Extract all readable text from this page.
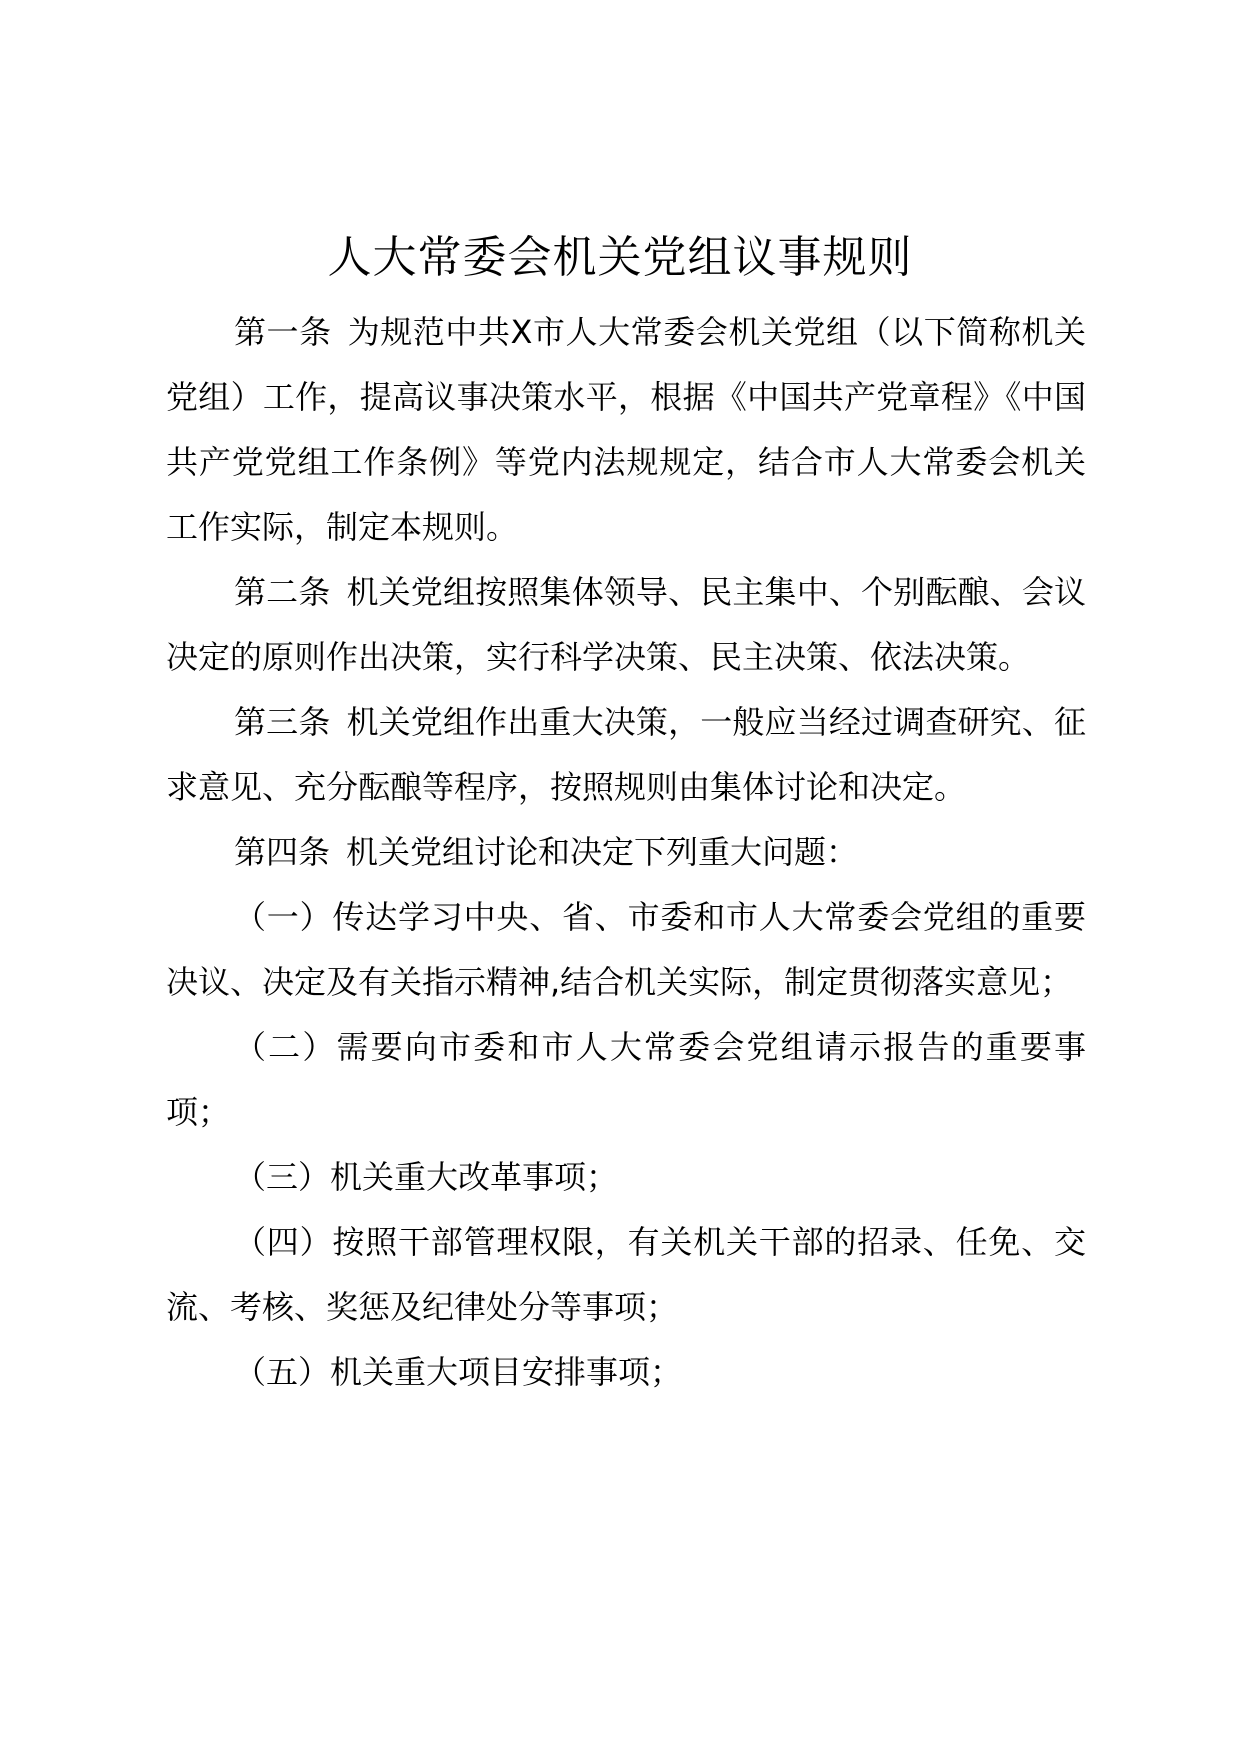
人大常委会机关党组议事规则

第一条 为规范中共X市人大常委会机关党组（以下简称机关党组）工作，提高议事决策水平，根据《中国共产党章程》《中国共产党党组工作条例》等党内法规规定，结合市人大常委会机关工作实际，制定本规则。

第二条 机关党组按照集体领导、民主集中、个别酝酿、会议决定的原则作出决策，实行科学决策、民主决策、依法决策。

第三条 机关党组作出重大决策，一般应当经过调查研究、征求意见、充分酝酿等程序，按照规则由集体讨论和决定。

第四条 机关党组讨论和决定下列重大问题：

（一）传达学习中央、省、市委和市人大常委会党组的重要决议、决定及有关指示精神,结合机关实际，制定贯彻落实意见；

（二）需要向市委和市人大常委会党组请示报告的重要事项；

（三）机关重大改革事项；

（四）按照干部管理权限，有关机关干部的招录、任免、交流、考核、奖惩及纪律处分等事项；

（五）机关重大项目安排事项；
